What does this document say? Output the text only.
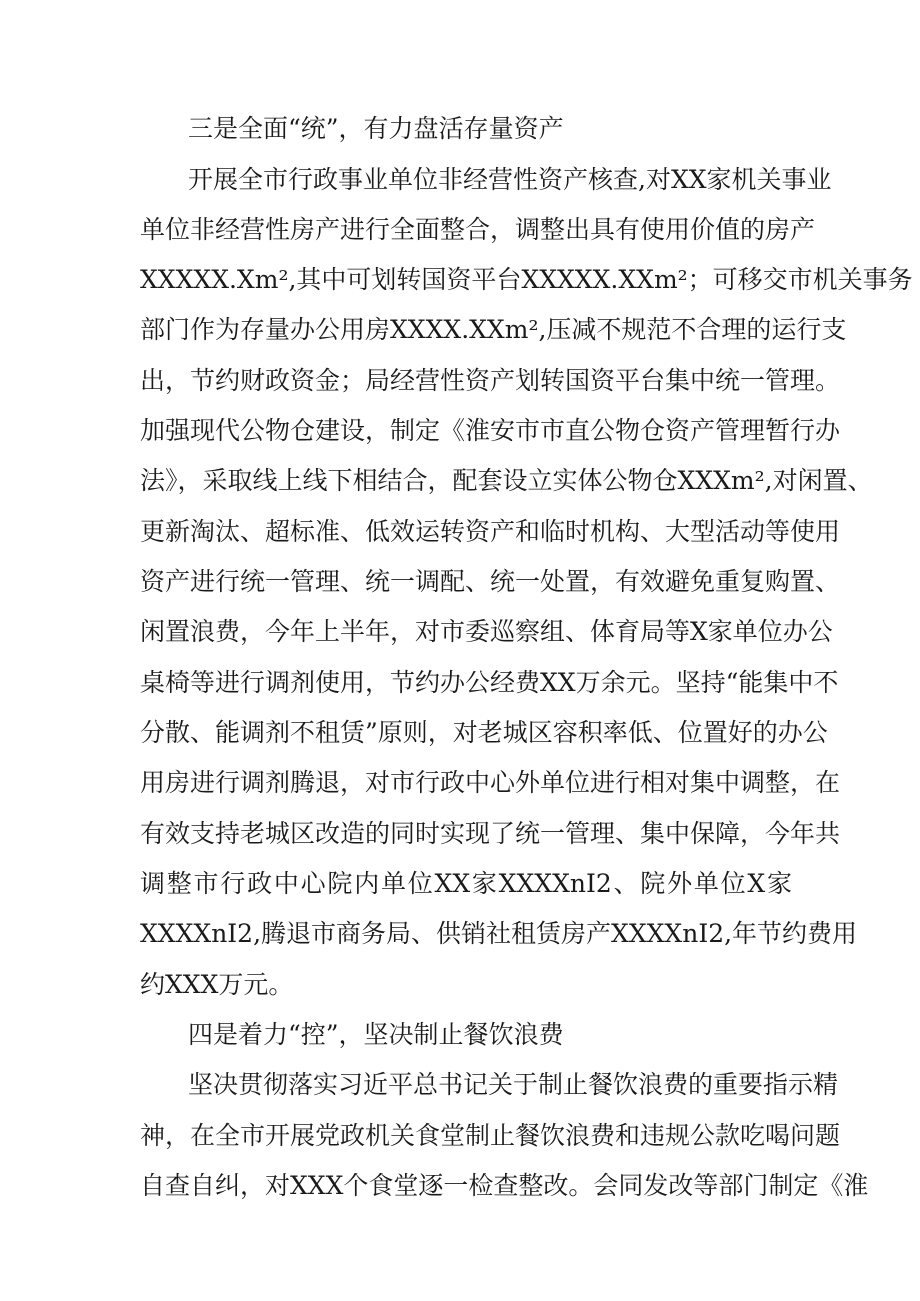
三是全面“统”，有力盘活存量资产
开展全市行政事业单位非经营性资产核查,对XX家机关事业
单位非经营性房产进行全面整合，调整出具有使用价值的房产
XXXXX.Xm²,其中可划转国资平台XXXXX.XXm²；可移交市机关事务
部门作为存量办公用房XXXX.XXm²,压减不规范不合理的运行支
出，节约财政资金；局经营性资产划转国资平台集中统一管理。
加强现代公物仓建设，制定《淮安市市直公物仓资产管理暂行办
法》，采取线上线下相结合，配套设立实体公物仓XXXm²,对闲置、
更新淘汰、超标准、低效运转资产和临时机构、大型活动等使用
资产进行统一管理、统一调配、统一处置，有效避免重复购置、
闲置浪费，今年上半年，对市委巡察组、体育局等X家单位办公
桌椅等进行调剂使用，节约办公经费XX万余元。坚持“能集中不
分散、能调剂不租赁”原则，对老城区容积率低、位置好的办公
用房进行调剂腾退，对市行政中心外单位进行相对集中调整，在
有效支持老城区改造的同时实现了统一管理、集中保障，今年共
调整市行政中心院内单位XX家XXXXnI2、院外单位X家
XXXXnI2,腾退市商务局、供销社租赁房产XXXXnI2,年节约费用
约XXX万元。
四是着力“控”，坚决制止餐饮浪费
坚决贯彻落实习近平总书记关于制止餐饮浪费的重要指示精
神，在全市开展党政机关食堂制止餐饮浪费和违规公款吃喝问题
自查自纠，对XXX个食堂逐一检查整改。会同发改等部门制定《淮
